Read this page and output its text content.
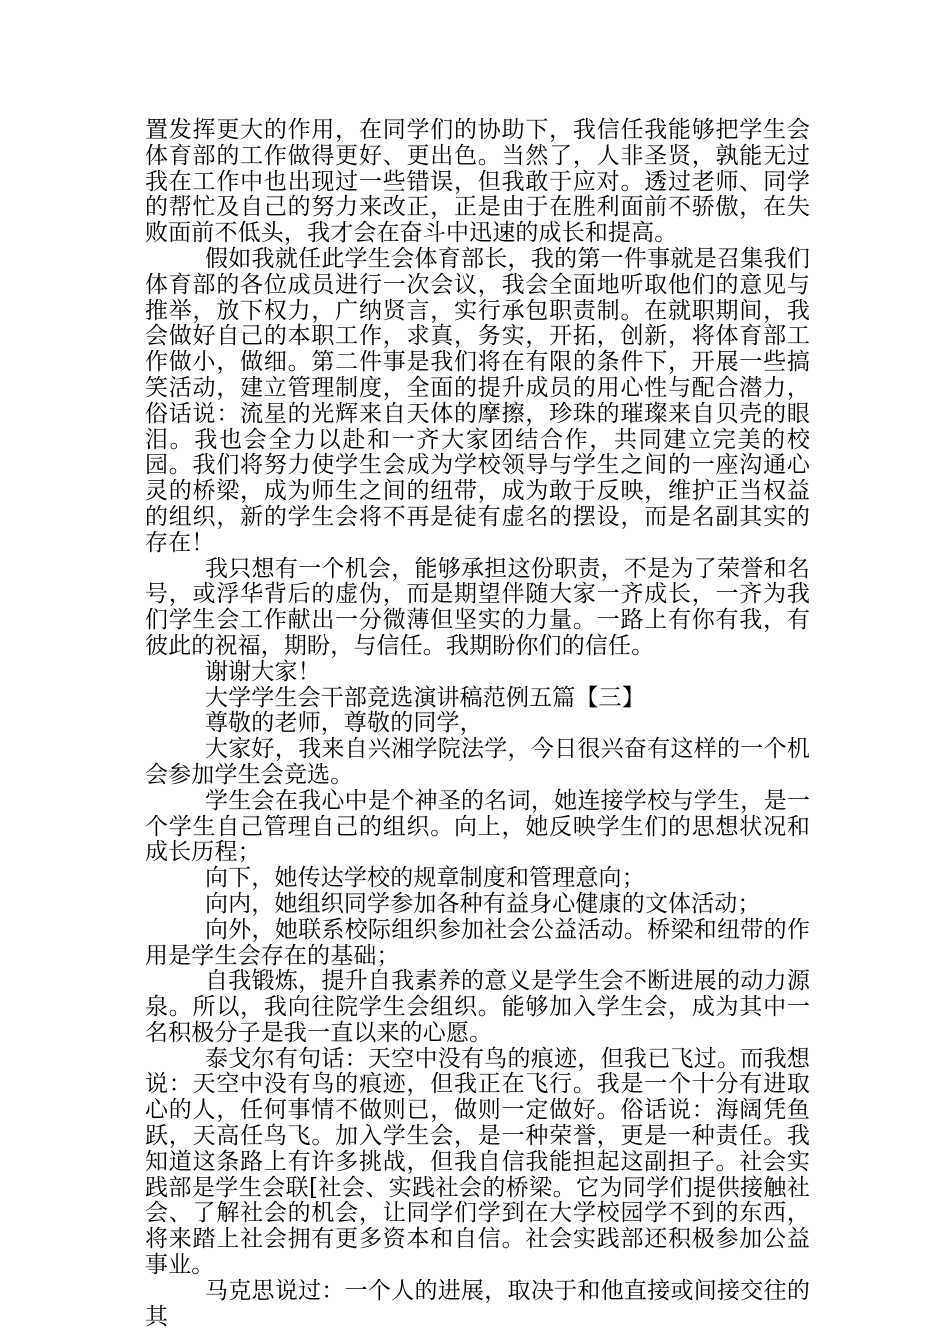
置发挥更大的作用，在同学们的协助下，我信任我能够把学生会体育部的工作做得更好、更出色。当然了，人非圣贤，孰能无过我在工作中也出现过一些错误，但我敢于应对。透过老师、同学的帮忙及自己的努力来改正，正是由于在胜利面前不骄傲，在失败面前不低头，我才会在奋斗中迅速的成长和提高。

假如我就任此学生会体育部长，我的第一件事就是召集我们体育部的各位成员进行一次会议，我会全面地听取他们的意见与推举，放下权力，广纳贤言，实行承包职责制。在就职期间，我会做好自己的本职工作，求真，务实，开拓，创新，将体育部工作做小，做细。第二件事是我们将在有限的条件下，开展一些搞笑活动，建立管理制度，全面的提升成员的用心性与配合潜力，俗话说：流星的光辉来自天体的摩擦，珍珠的璀璨来自贝壳的眼泪。我也会全力以赴和一齐大家团结合作，共同建立完美的校园。我们将努力使学生会成为学校领导与学生之间的一座沟通心灵的桥梁，成为师生之间的纽带，成为敢于反映，维护正当权益的组织，新的学生会将不再是徒有虚名的摆设，而是名副其实的存在！

我只想有一个机会，能够承担这份职责，不是为了荣誉和名号，或浮华背后的虚伪，而是期望伴随大家一齐成长，一齐为我们学生会工作献出一分微薄但坚实的力量。一路上有你有我，有彼此的祝福，期盼，与信任。我期盼你们的信任。

谢谢大家！

大学学生会干部竞选演讲稿范例五篇【三】

尊敬的老师，尊敬的同学，

大家好，我来自兴湘学院法学，今日很兴奋有这样的一个机会参加学生会竞选。

学生会在我心中是个神圣的名词，她连接学校与学生，是一个学生自己管理自己的组织。向上，她反映学生们的思想状况和成长历程；

向下，她传达学校的规章制度和管理意向；

向内，她组织同学参加各种有益身心健康的文体活动；

向外，她联系校际组织参加社会公益活动。桥梁和纽带的作用是学生会存在的基础；

自我锻炼，提升自我素养的意义是学生会不断进展的动力源泉。所以，我向往院学生会组织。能够加入学生会，成为其中一名积极分子是我一直以来的心愿。

泰戈尔有句话：天空中没有鸟的痕迹，但我已飞过。而我想说：天空中没有鸟的痕迹，但我正在飞行。我是一个十分有进取心的人，任何事情不做则已，做则一定做好。俗话说：海阔凭鱼跃，天高任鸟飞。加入学生会，是一种荣誉，更是一种责任。我知道这条路上有许多挑战，但我自信我能担起这副担子。社会实践部是学生会联[社会、实践社会的桥梁。它为同学们提供接触社会、了解社会的机会，让同学们学到在大学校园学不到的东西，将来踏上社会拥有更多资本和自信。社会实践部还积极参加公益事业。

马克思说过：一个人的进展，取决于和他直接或间接交往的其
